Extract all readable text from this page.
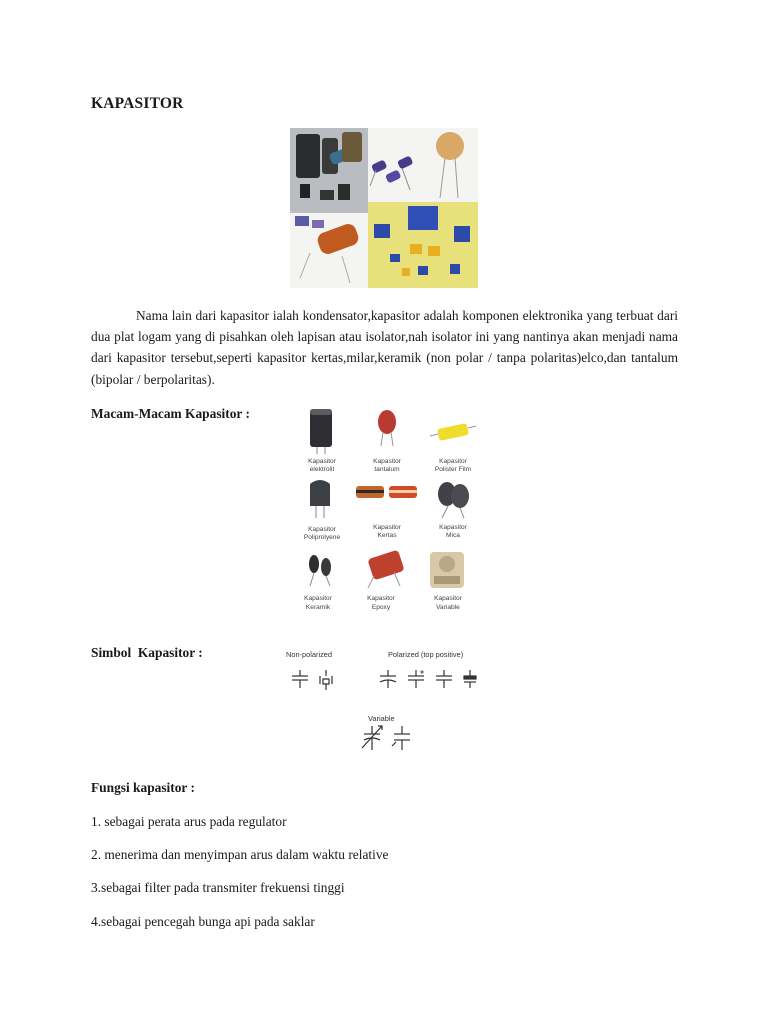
KAPASITOR

Nama lain dari kapasitor ialah kondensator,kapasitor adalah komponen elektronika yang terbuat dari dua plat logam yang di pisahkan oleh lapisan atau isolator,nah isolator ini yang nantinya akan menjadi nama dari kapasitor tersebut,seperti kapasitor kertas,milar,keramik (non polar / tanpa polaritas)elco,dan tantalum (bipolar / berpolaritas).

Macam-Macam Kapasitor :
Kapasitor
elektrolit
Kapasitor
tantalum
Kapasitor
Polister Film
Kapasitor
Poliprolyene
Kapasitor
Kertas
Kapasitor
Mica
Kapasitor
Keramik
Kapasitor
Epoxy
Kapasitor
Variable
Simbol  Kapasitor :	Non-polarized	Polarized (top positive)
Variable
Fungsi kapasitor :
1. sebagai perata arus pada regulator
2. menerima dan menyimpan arus dalam waktu relative
3.sebagai filter pada transmiter frekuensi tinggi
4.sebagai pencegah bunga api pada saklar
